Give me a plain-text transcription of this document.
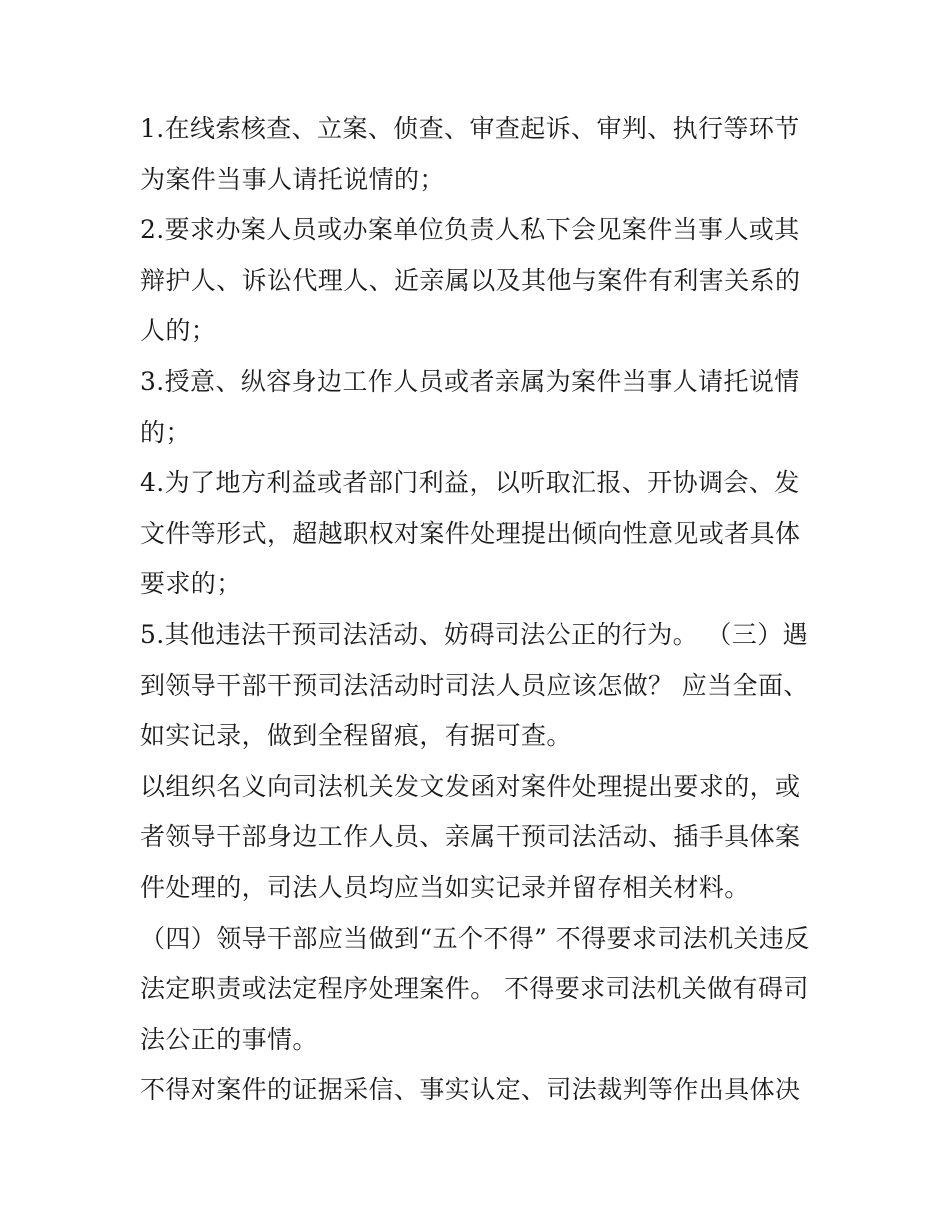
1.在线索核查、立案、侦查、审查起诉、审判、执行等环节为案件当事人请托说情的；

2.要求办案人员或办案单位负责人私下会见案件当事人或其辩护人、诉讼代理人、近亲属以及其他与案件有利害关系的人的；

3.授意、纵容身边工作人员或者亲属为案件当事人请托说情的；

4.为了地方利益或者部门利益，以听取汇报、开协调会、发文件等形式，超越职权对案件处理提出倾向性意见或者具体要求的；

5.其他违法干预司法活动、妨碍司法公正的行为。 （三）遇到领导干部干预司法活动时司法人员应该怎做？ 应当全面、如实记录，做到全程留痕，有据可查。

以组织名义向司法机关发文发函对案件处理提出要求的，或者领导干部身边工作人员、亲属干预司法活动、插手具体案件处理的，司法人员均应当如实记录并留存相关材料。

（四）领导干部应当做到“五个不得” 不得要求司法机关违反法定职责或法定程序处理案件。 不得要求司法机关做有碍司法公正的事情。

不得对案件的证据采信、事实认定、司法裁判等作出具体决
